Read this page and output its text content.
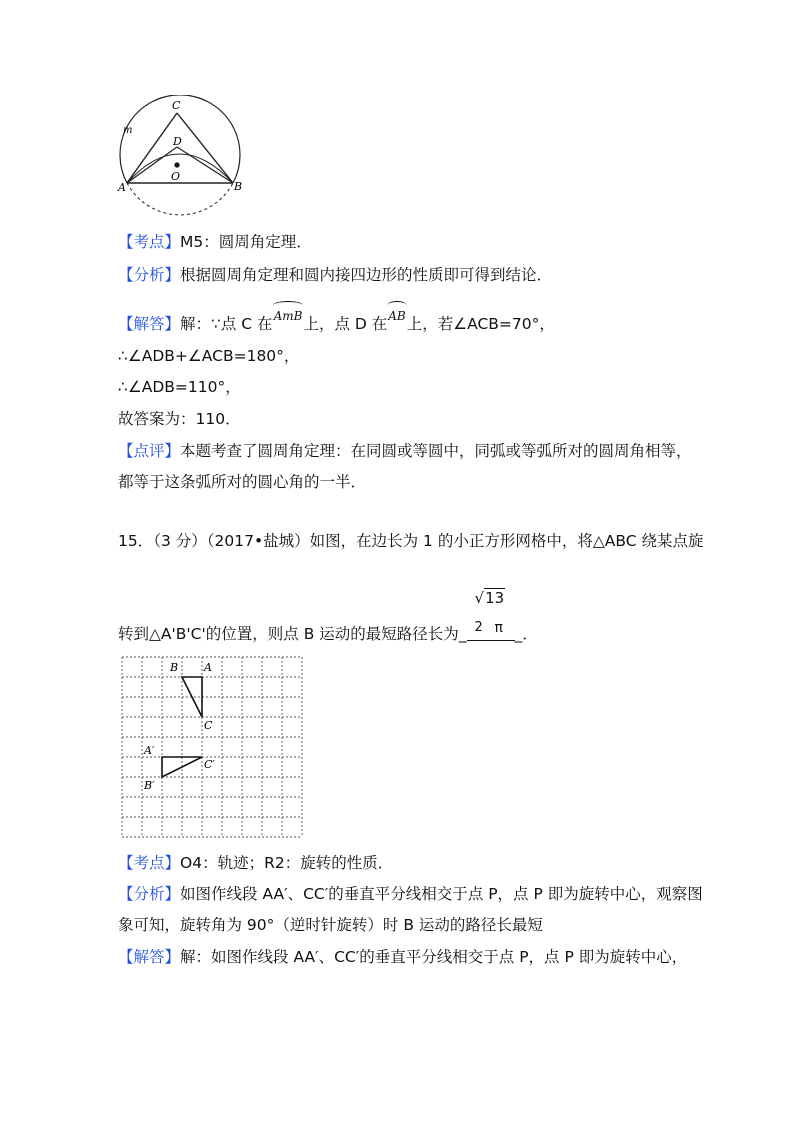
C
D
O
A	B
m
【考点】M5：圆周角定理．
【分析】根据圆周角定理和圆内接四边形的性质即可得到结论．
【解答】解：∵点 C 在AmB上，点 D 在AB上，若∠ACB=70°，
∴∠ADB+∠ACB=180°，
∴∠ADB=110°，
故答案为：110．
【点评】本题考查了圆周角定理：在同圆或等圆中，同弧或等弧所对的圆周角相等，
都等于这条弧所对的圆心角的一半．
15．（3 分）（2017•盐城）如图，在边长为 1 的小正方形网格中，将△ABC 绕某点旋
转到△A'B'C'的位置，则点 B 运动的最短路径长为_
√13
2 π _．
B A
C
A′
C′
B′
【考点】O4：轨迹；R2：旋转的性质．
【分析】如图作线段 AA′、CC′的垂直平分线相交于点 P，点 P 即为旋转中心，观察图
象可知，旋转角为 90°（逆时针旋转）时 B 运动的路径长最短
【解答】解：如图作线段 AA′、CC′的垂直平分线相交于点 P，点 P 即为旋转中心，
